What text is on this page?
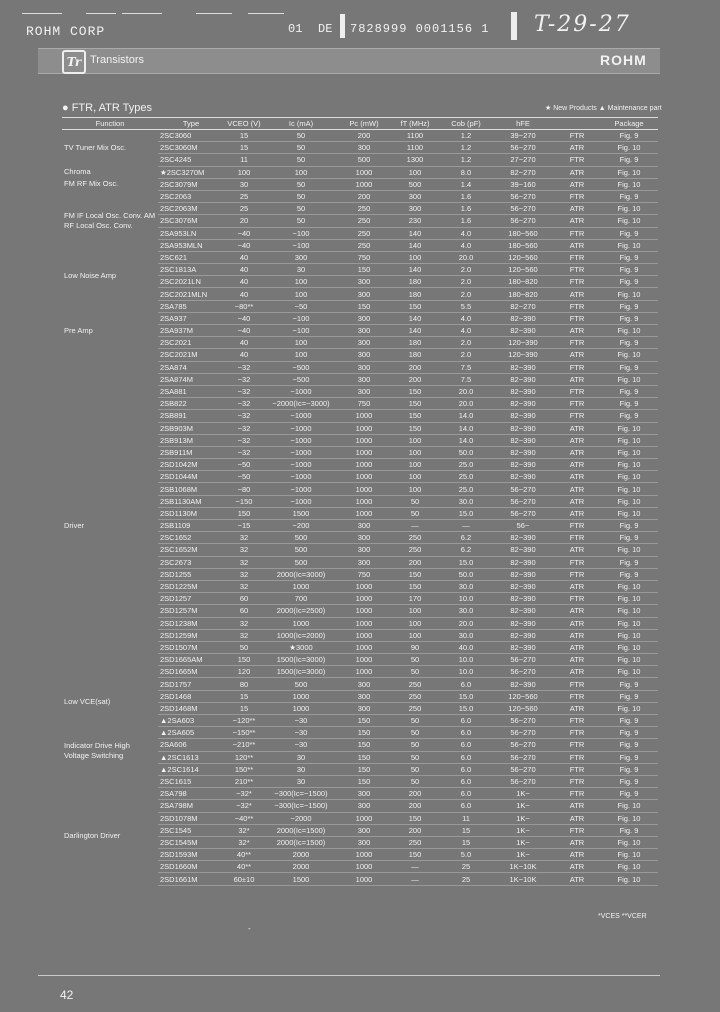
ROHM CORP	01 DE 7828999 0001156 1 T-29-27
Tr Transistors	ROHM
● FTR, ATR Types	★ New Products ▲ Maintenance part
Function	Type	VCEO (V)	Ic (mA)	Pc (mW)	fT (MHz)	Cob (pF)	hFE		Package
TV Tuner Mix Osc.	2SC3060	15	50	200	1100	1.2	39~270	FTR	Fig. 9
	2SC3060M	15	50	300	1100	1.2	56~270	ATR	Fig. 10
	2SC4245	11	50	500	1300	1.2	27~270	FTR	Fig. 9
Chroma	★2SC3270M	100	100	1000	100	8.0	82~270	ATR	Fig. 10
FM RF Mix Osc.	2SC3079M	30	50	1000	500	1.4	39~160	ATR	Fig. 10
FM IF Local Osc. Conv. AM RF Local Osc. Conv.	2SC2063	25	50	200	300	1.6	56~270	FTR	Fig. 9
	2SC2063M	25	50	250	300	1.6	56~270	ATR	Fig. 10
	2SC3076M	20	50	250	230	1.6	56~270	ATR	Fig. 10
	2SA953LN	−40	−100	250	140	4.0	180~560	FTR	Fig. 9
	2SA953MLN	−40	−100	250	140	4.0	180~560	ATR	Fig. 10
Low Noise Amp	2SC621	40	300	750	100	20.0	120~560	FTR	Fig. 9
	2SC1813A	40	30	150	140	2.0	120~560	FTR	Fig. 9
	2SC2021LN	40	100	300	180	2.0	180~820	FTR	Fig. 9
	2SC2021MLN	40	100	300	180	2.0	180~820	ATR	Fig. 10
Pre Amp	2SA785	−80**	−50	150	150	5.5	82~270	FTR	Fig. 9
	2SA937	−40	−100	300	140	4.0	82~390	FTR	Fig. 9
	2SA937M	−40	−100	300	140	4.0	82~390	ATR	Fig. 10
	2SC2021	40	100	300	180	2.0	120~390	FTR	Fig. 9
	2SC2021M	40	100	300	180	2.0	120~390	ATR	Fig. 10
Driver	2SA874	−32	−500	300	200	7.5	82~390	FTR	Fig. 9
	2SA874M	−32	−500	300	200	7.5	82~390	ATR	Fig. 10
	2SA881	−32	−1000	300	150	20.0	82~390	FTR	Fig. 9
	2SB822	−32	−2000(Ic=−3000)	750	150	20.0	82~390	FTR	Fig. 9
	2SB891	−32	−1000	1000	150	14.0	82~390	FTR	Fig. 9
	2SB903M	−32	−1000	1000	150	14.0	82~390	ATR	Fig. 10
	2SB913M	−32	−1000	1000	100	14.0	82~390	ATR	Fig. 10
	2SB911M	−32	−1000	1000	100	50.0	82~390	ATR	Fig. 10
	2SD1042M	−50	−1000	1000	100	25.0	82~390	ATR	Fig. 10
	2SD1044M	−50	−1000	1000	100	25.0	82~390	ATR	Fig. 10
	2SB1068M	−80	−1000	1000	100	25.0	56~270	ATR	Fig. 10
	2SB1130AM	−150	−1000	1000	50	30.0	56~270	ATR	Fig. 10
	2SD1130M	150	1500	1000	50	15.0	56~270	ATR	Fig. 10
	2SB1109	−15	−200	300	—	—	56~	FTR	Fig. 9
	2SC1652	32	500	300	250	6.2	82~390	FTR	Fig. 9
	2SC1652M	32	500	300	250	6.2	82~390	ATR	Fig. 10
	2SC2673	32	500	300	200	15.0	82~390	FTR	Fig. 9
	2SD1255	32	2000(Ic=3000)	750	150	50.0	82~390	FTR	Fig. 9
	2SD1225M	32	1000	1000	150	30.0	82~390	ATR	Fig. 10
	2SD1257	60	700	1000	170	10.0	82~390	FTR	Fig. 10
	2SD1257M	60	2000(Ic=2500)	1000	100	30.0	82~390	ATR	Fig. 10
	2SD1238M	32	1000	1000	100	20.0	82~390	ATR	Fig. 10
	2SD1259M	32	1000(Ic=2000)	1000	100	30.0	82~390	ATR	Fig. 10
	2SD1507M	50	★3000	1000	90	40.0	82~390	ATR	Fig. 10
	2SD1665AM	150	1500(Ic=3000)	1000	50	10.0	56~270	ATR	Fig. 10
	2SD1665M	120	1500(Ic=3000)	1000	50	10.0	56~270	ATR	Fig. 10
	2SD1757	80	500	300	250	6.0	82~390	FTR	Fig. 9
Low VCE(sat)	2SD1468	15	1000	300	250	15.0	120~560	FTR	Fig. 9
	2SD1468M	15	1000	300	250	15.0	120~560	ATR	Fig. 10
Indicator Drive High Voltage Switching	▲2SA603	−120**	−30	150	50	6.0	56~270	FTR	Fig. 9
	▲2SA605	−150**	−30	150	50	6.0	56~270	FTR	Fig. 9
	2SA606	−210**	−30	150	50	6.0	56~270	FTR	Fig. 9
	▲2SC1613	120**	30	150	50	6.0	56~270	FTR	Fig. 9
	▲2SC1614	150**	30	150	50	6.0	56~270	FTR	Fig. 9
	2SC1615	210**	30	150	50	6.0	56~270	FTR	Fig. 9
Darlington Driver	2SA798	−32*	−300(Ic=−1500)	300	200	6.0	1K~	FTR	Fig. 9
	2SA798M	−32*	−300(Ic=−1500)	300	200	6.0	1K~	ATR	Fig. 10
	2SD1078M	−40**	−2000	1000	150	11	1K~	ATR	Fig. 10
	2SC1545	32*	2000(Ic=1500)	300	200	15	1K~	FTR	Fig. 9
	2SC1545M	32*	2000(Ic=1500)	300	250	15	1K~	ATR	Fig. 10
	2SD1593M	40**	2000	1000	150	5.0	1K~	ATR	Fig. 10
	2SD1660M	40**	2000	1000	—	25	1K~10K	ATR	Fig. 10
	2SD1661M	60±10	1500	1000	—	25	1K~10K	ATR	Fig. 10
*VCES **VCER
-
42
